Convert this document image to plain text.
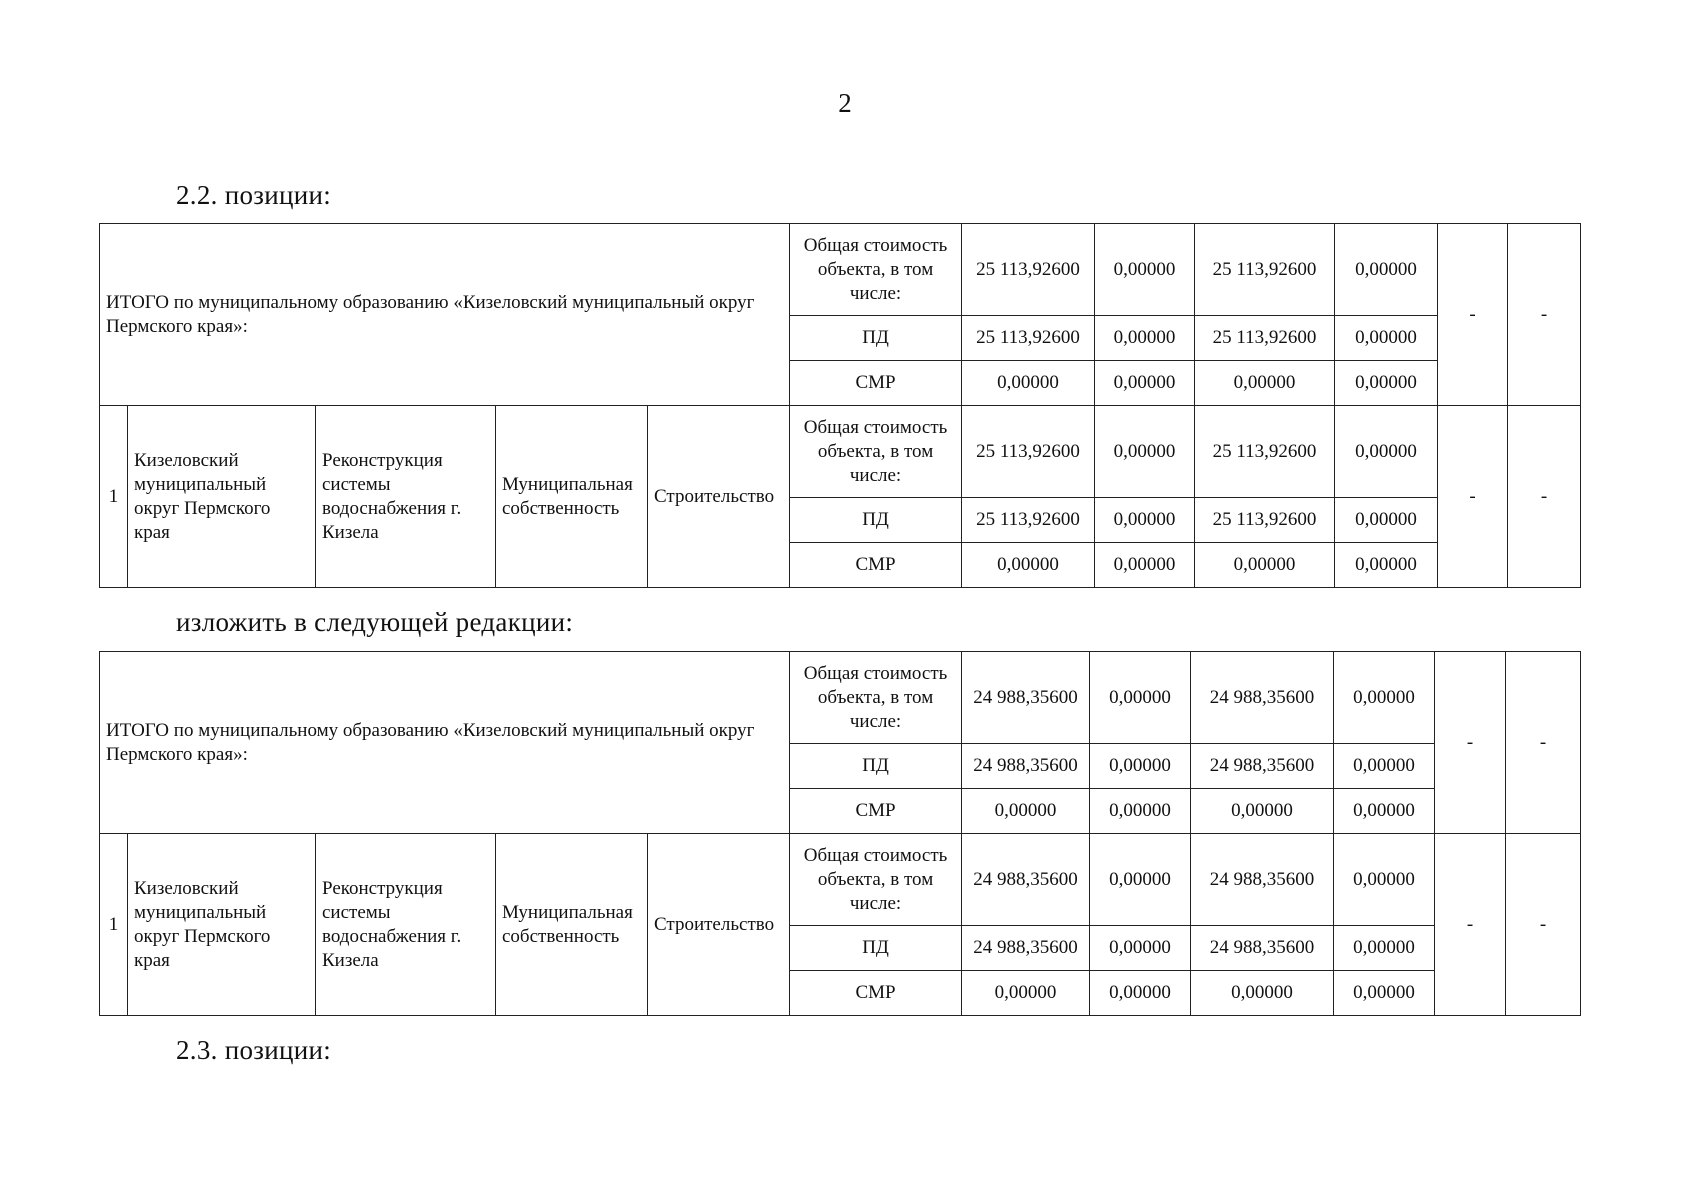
2
2.2. позиции:
ИТОГО по муниципальному образованию «Кизеловский муниципальный округ Пермского края»:					Общая стоимость объекта, в том числе:	25 113,92600	0,00000	25 113,92600	0,00000	-	-
					ПД	25 113,92600	0,00000	25 113,92600	0,00000		
					СМР	0,00000	0,00000	0,00000	0,00000		
1	Кизеловский муниципальный округ Пермского края	Реконструкция системы водоснабжения г. Кизела	Муниципальная собственность	Строительство	Общая стоимость объекта, в том числе:	25 113,92600	0,00000	25 113,92600	0,00000	-	-
					ПД	25 113,92600	0,00000	25 113,92600	0,00000		
					СМР	0,00000	0,00000	0,00000	0,00000		
изложить в следующей редакции:
ИТОГО по муниципальному образованию «Кизеловский муниципальный округ Пермского края»:					Общая стоимость объекта, в том числе:	24 988,35600	0,00000	24 988,35600	0,00000	-	-
					ПД	24 988,35600	0,00000	24 988,35600	0,00000		
					СМР	0,00000	0,00000	0,00000	0,00000		
1	Кизеловский муниципальный округ Пермского края	Реконструкция системы водоснабжения г. Кизела	Муниципальная собственность	Строительство	Общая стоимость объекта, в том числе:	24 988,35600	0,00000	24 988,35600	0,00000	-	-
					ПД	24 988,35600	0,00000	24 988,35600	0,00000		
					СМР	0,00000	0,00000	0,00000	0,00000		
2.3. позиции:
